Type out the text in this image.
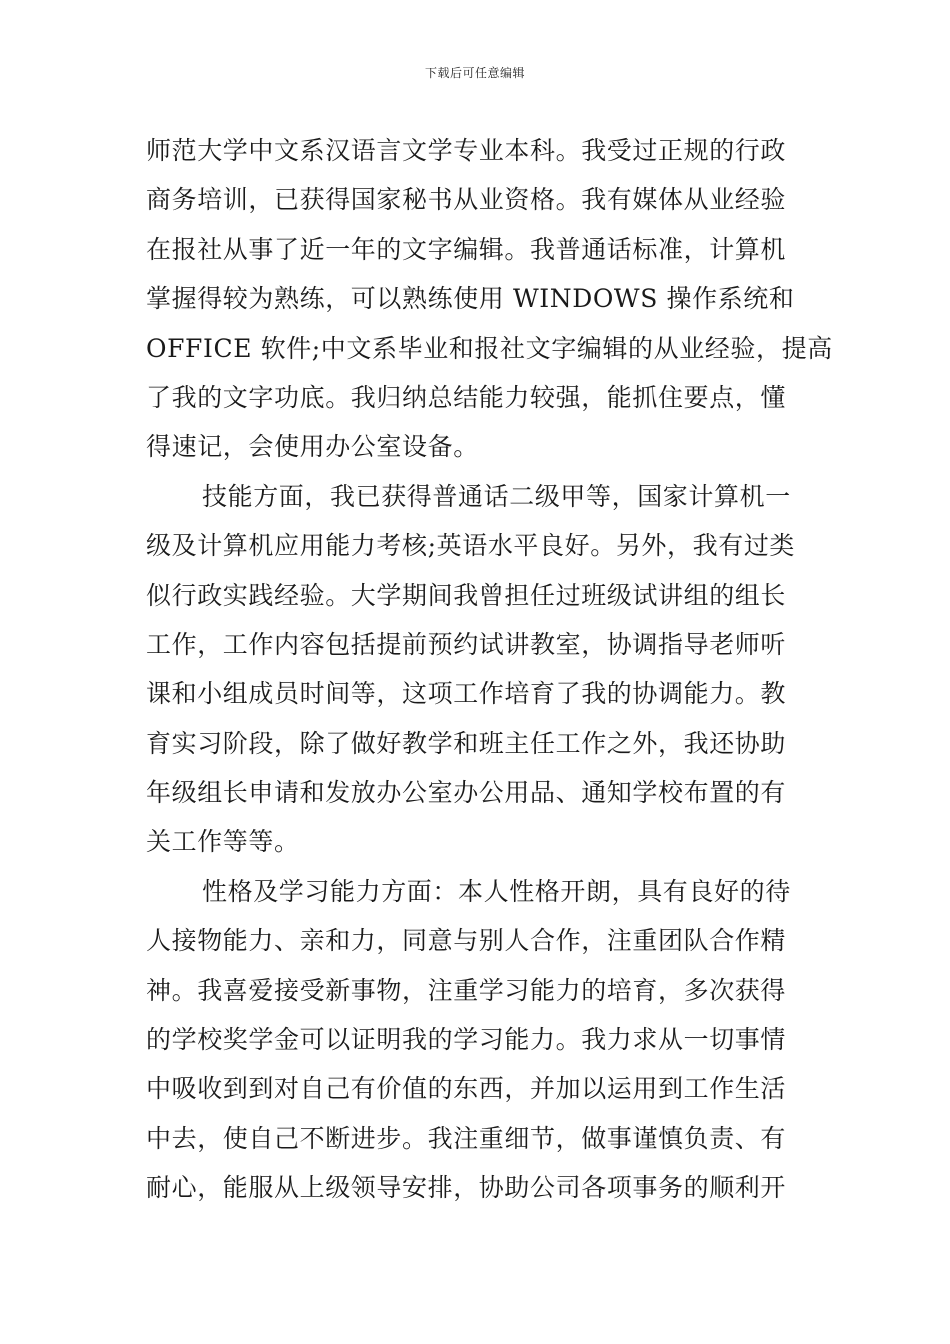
下载后可任意编辑
师范大学中文系汉语言文学专业本科。我受过正规的行政
商务培训，已获得国家秘书从业资格。我有媒体从业经验
在报社从事了近一年的文字编辑。我普通话标准，计算机
掌握得较为熟练，可以熟练使用 WINDOWS 操作系统和
OFFICE 软件;中文系毕业和报社文字编辑的从业经验，提高
了我的文字功底。我归纳总结能力较强，能抓住要点，懂
得速记，会使用办公室设备。
技能方面，我已获得普通话二级甲等，国家计算机一
级及计算机应用能力考核;英语水平良好。另外，我有过类
似行政实践经验。大学期间我曾担任过班级试讲组的组长
工作，工作内容包括提前预约试讲教室，协调指导老师听
课和小组成员时间等，这项工作培育了我的协调能力。教
育实习阶段，除了做好教学和班主任工作之外，我还协助
年级组长申请和发放办公室办公用品、通知学校布置的有
关工作等等。
性格及学习能力方面：本人性格开朗，具有良好的待
人接物能力、亲和力，同意与别人合作，注重团队合作精
神。我喜爱接受新事物，注重学习能力的培育，多次获得
的学校奖学金可以证明我的学习能力。我力求从一切事情
中吸收到到对自己有价值的东西，并加以运用到工作生活
中去，使自己不断进步。我注重细节，做事谨慎负责、有
耐心，能服从上级领导安排，协助公司各项事务的顺利开
